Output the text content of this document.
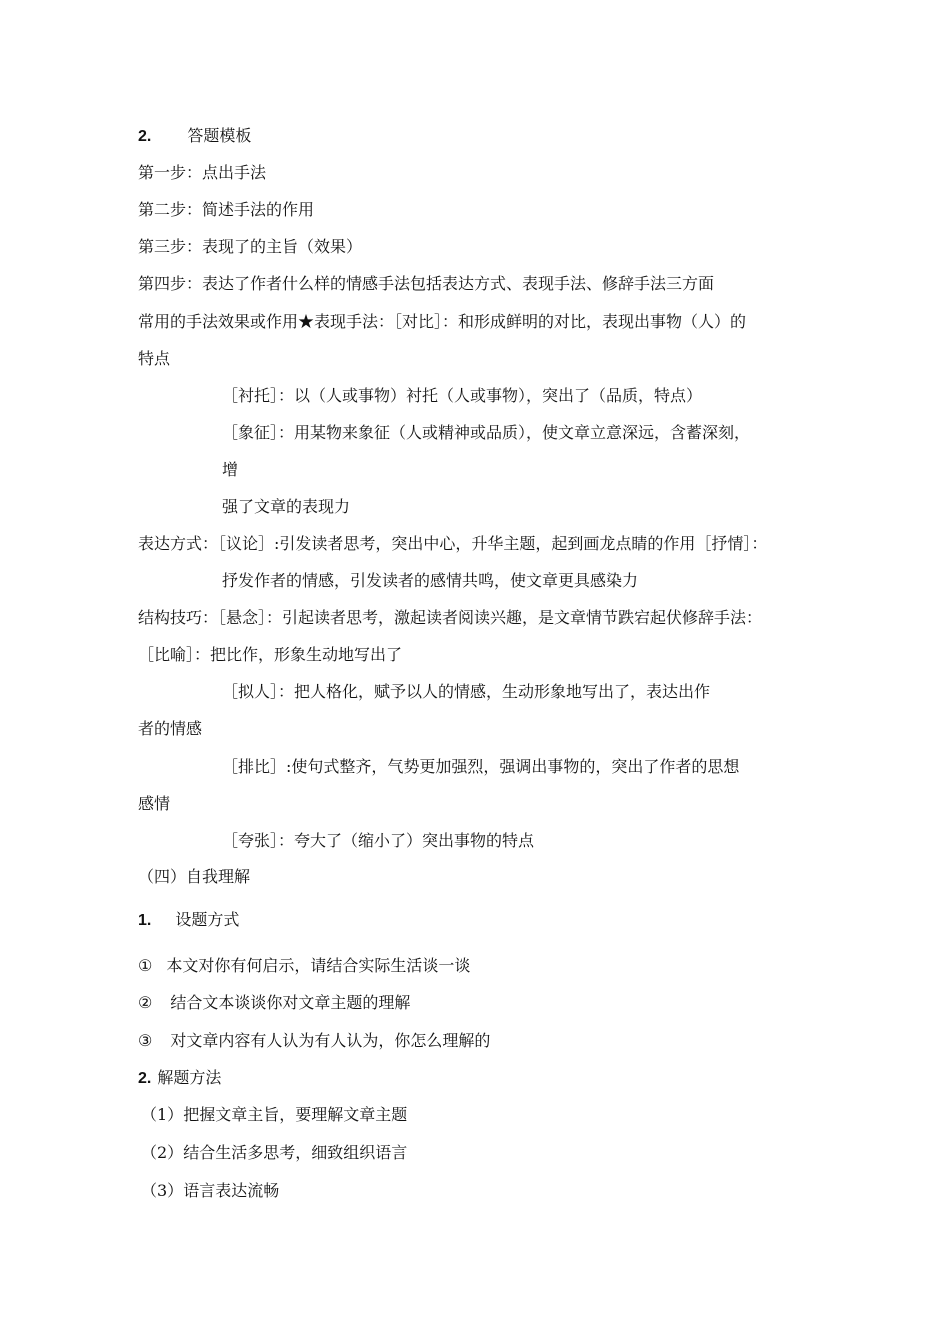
2. 答题模板
第一步：点出手法
第二步：简述手法的作用
第三步：表现了的主旨（效果）
第四步：表达了作者什么样的情感手法包括表达方式、表现手法、修辞手法三方面
常用的手法效果或作用★表现手法：［对比］：和形成鲜明的对比，表现出事物（人）的
特点
［衬托］：以（人或事物）衬托（人或事物），突出了（品质，特点）
［象征］：用某物来象征（人或精神或品质），使文章立意深远，含蓄深刻，
增
强了文章的表现力
表达方式：［议论］:引发读者思考，突出中心，升华主题，起到画龙点睛的作用［抒情］：
抒发作者的情感，引发读者的感情共鸣，使文章更具感染力
结构技巧：［悬念］：引起读者思考，激起读者阅读兴趣，是文章情节跌宕起伏修辞手法：
［比喻］：把比作，形象生动地写出了
［拟人］：把人格化，赋予以人的情感，生动形象地写出了，表达出作
者的情感
［排比］:使句式整齐，气势更加强烈，强调出事物的，突出了作者的思想
感情
［夸张］：夸大了（缩小了）突出事物的特点
（四）自我理解
1. 设题方式
① 本文对你有何启示，请结合实际生活谈一谈
② 结合文本谈谈你对文章主题的理解
③ 对文章内容有人认为有人认为，你怎么理解的
2. 解题方法
（1）把握文章主旨，要理解文章主题
（2）结合生活多思考，细致组织语言
（3）语言表达流畅
